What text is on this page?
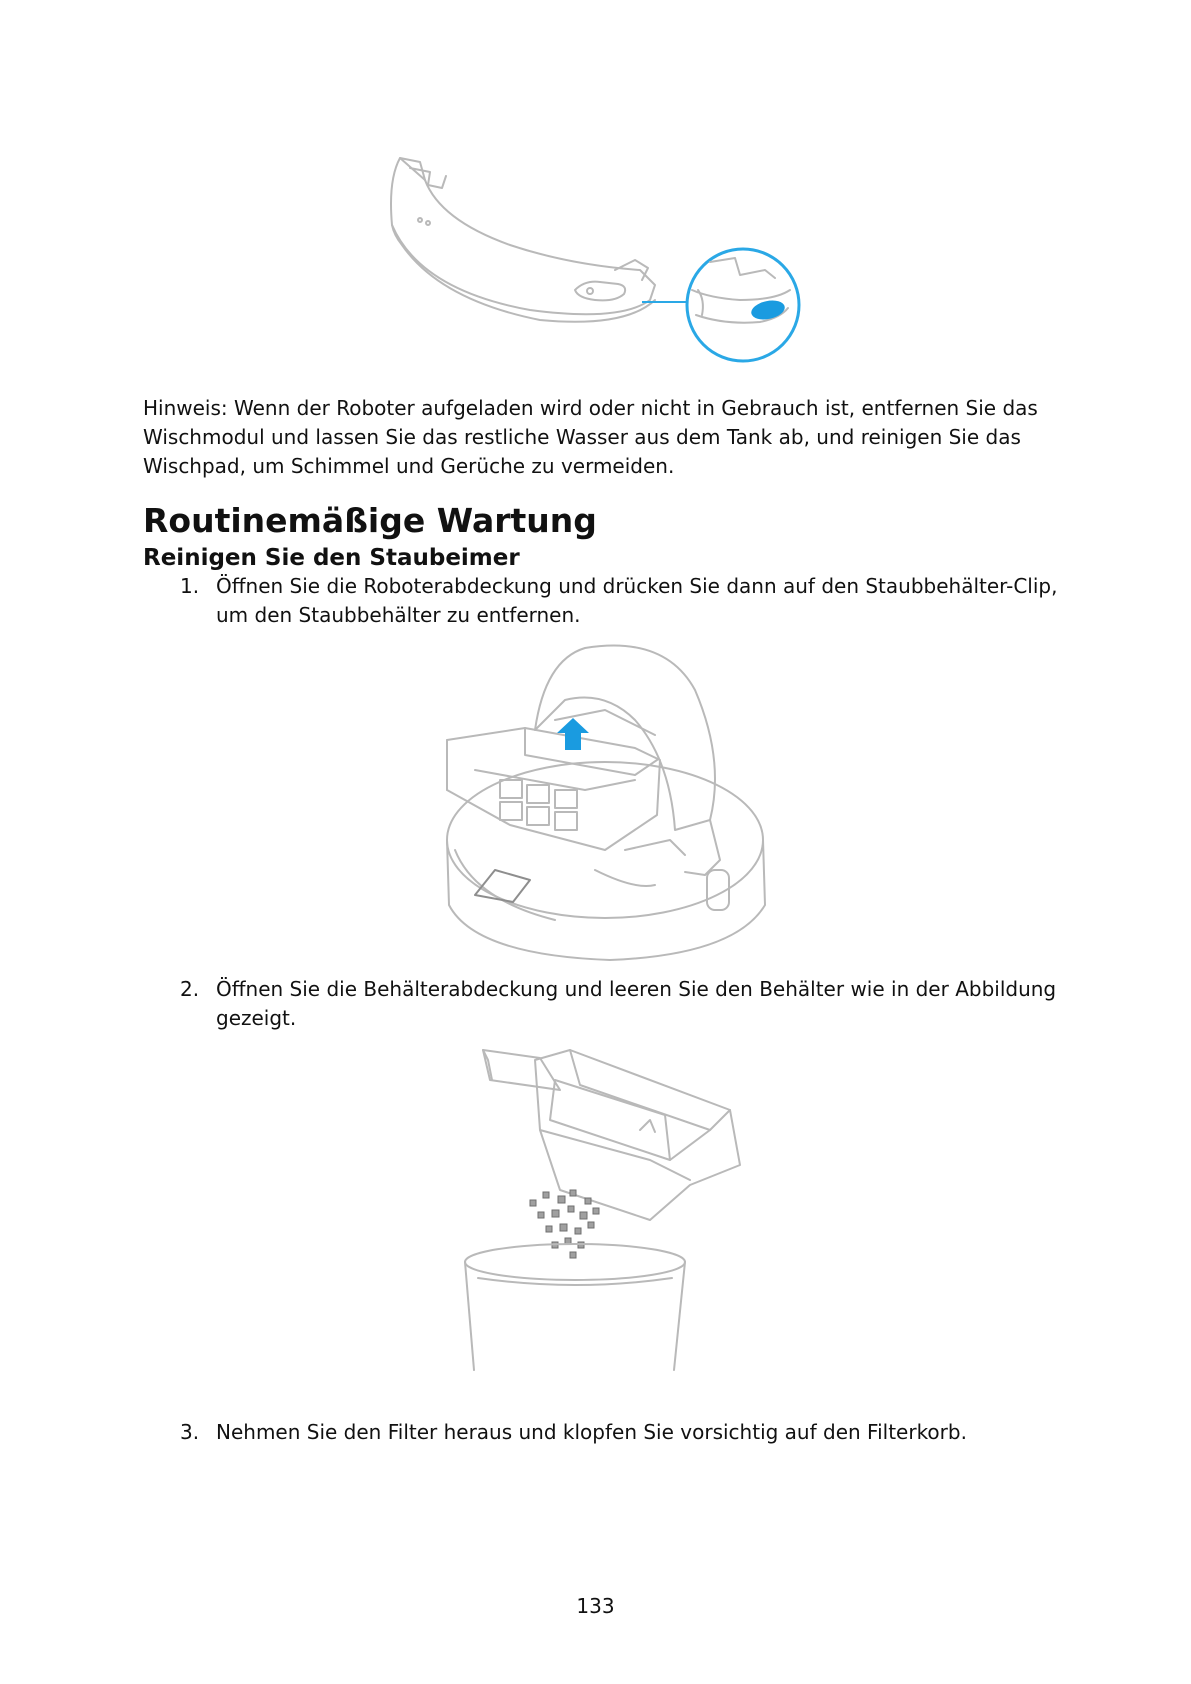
Hinweis: Wenn der Roboter aufgeladen wird oder nicht in Gebrauch ist, entfernen Sie das Wischmodul und lassen Sie das restliche Wasser aus dem Tank ab, und reinigen Sie das Wischpad, um Schimmel und Gerüche zu vermeiden.
Routinemäßige Wartung
Reinigen Sie den Staubeimer
1. Öffnen Sie die Roboterabdeckung und drücken Sie dann auf den Staubbehälter-Clip, um den Staubbehälter zu entfernen.
2. Öffnen Sie die Behälterabdeckung und leeren Sie den Behälter wie in der Abbildung gezeigt.
3. Nehmen Sie den Filter heraus und klopfen Sie vorsichtig auf den Filterkorb.
133
